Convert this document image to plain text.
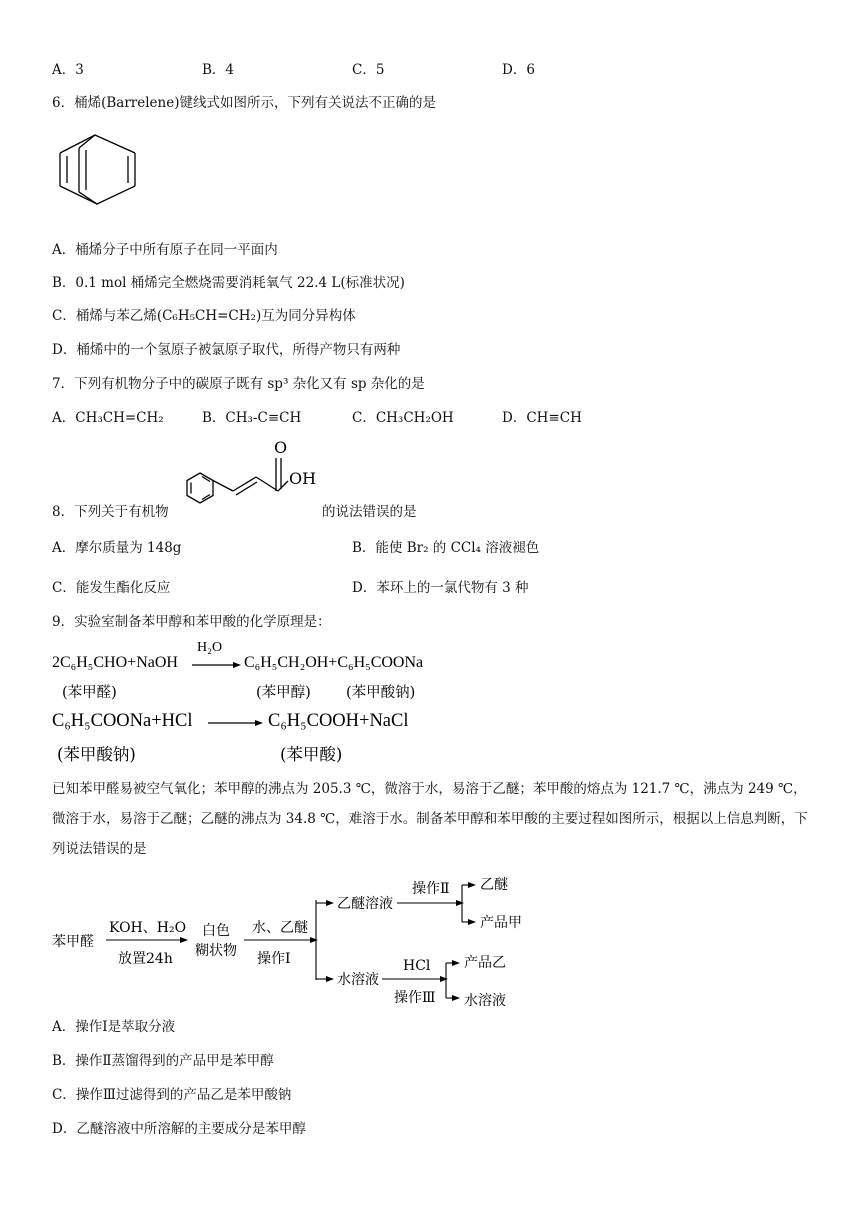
A．3	B．4	C．5	D．6
6．桶烯(Barrelene)键线式如图所示，下列有关说法不正确的是
A．桶烯分子中所有原子在同一平面内
B．0.1 mol 桶烯完全燃烧需要消耗氧气 22.4 L(标准状况)
C．桶烯与苯乙烯(C₆H₅CH=CH₂)互为同分异构体
D．桶烯中的一个氢原子被氯原子取代，所得产物只有两种
7．下列有机物分子中的碳原子既有 sp³ 杂化又有 sp 杂化的是
A．CH₃CH=CH₂	B．CH₃-C≡CH	C．CH₃CH₂OH	D．CH≡CH
O
OH
8．下列关于有机物	的说法错误的是
A．摩尔质量为 148g	B．能使 Br₂ 的 CCl₄ 溶液褪色
C．能发生酯化反应	D．苯环上的一氯代物有 3 种
9．实验室制备苯甲醇和苯甲酸的化学原理是：
2C₆H₅CHO+NaOH
H₂O
C₆H₅CH₂OH+C₆H₅COONa
(苯甲醛)	(苯甲醇) (苯甲酸钠)
C₆H₅COONa+HCl	C₆H₅COOH+NaCl
(苯甲酸钠)	(苯甲酸)
已知苯甲醛易被空气氧化；苯甲醇的沸点为 205.3 ℃，微溶于水，易溶于乙醚；苯甲酸的熔点为 121.7 ℃，沸点为 249 ℃，微溶于水，易溶于乙醚；乙醚的沸点为 34.8 ℃，难溶于水。制备苯甲醇和苯甲酸的主要过程如图所示，根据以上信息判断，下列说法错误的是
苯甲醛
KOH、H₂O
放置24h
白色
糊状物
水、乙醚
操作Ⅰ
乙醚溶液
操作Ⅱ 乙醚
产品甲
水溶液
HCl
操作Ⅲ
产品乙
水溶液
A．操作Ⅰ是萃取分液
B．操作Ⅱ蒸馏得到的产品甲是苯甲醇
C．操作Ⅲ过滤得到的产品乙是苯甲酸钠
D．乙醚溶液中所溶解的主要成分是苯甲醇
